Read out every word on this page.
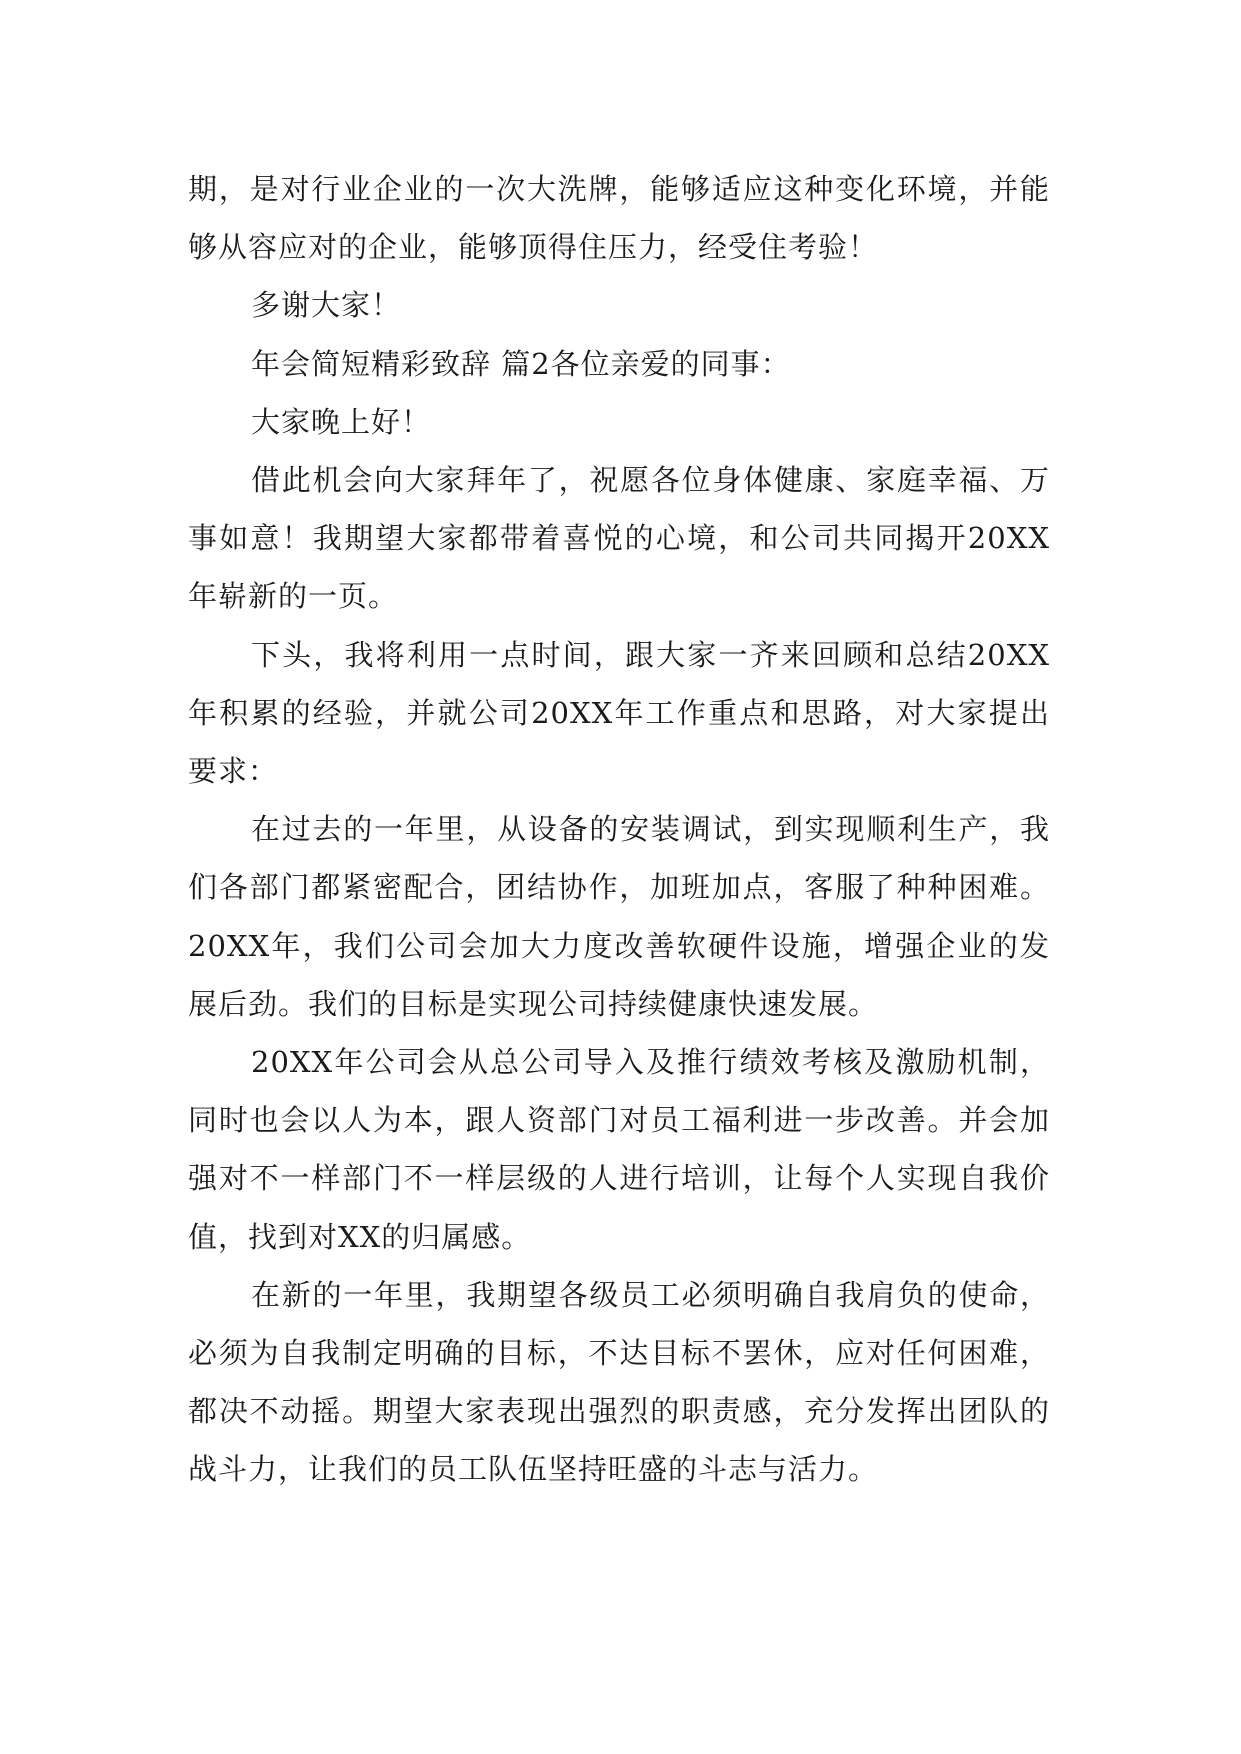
期，是对行业企业的一次大洗牌，能够适应这种变化环境，并能够从容应对的企业，能够顶得住压力，经受住考验！

多谢大家！

年会简短精彩致辞 篇2各位亲爱的同事：

大家晚上好！

借此机会向大家拜年了，祝愿各位身体健康、家庭幸福、万事如意！我期望大家都带着喜悦的心境，和公司共同揭开20XX年崭新的一页。

下头，我将利用一点时间，跟大家一齐来回顾和总结20XX年积累的经验，并就公司20XX年工作重点和思路，对大家提出要求：

在过去的一年里，从设备的安装调试，到实现顺利生产，我们各部门都紧密配合，团结协作，加班加点，客服了种种困难。20XX年，我们公司会加大力度改善软硬件设施，增强企业的发展后劲。我们的目标是实现公司持续健康快速发展。

20XX年公司会从总公司导入及推行绩效考核及激励机制，同时也会以人为本，跟人资部门对员工福利进一步改善。并会加强对不一样部门不一样层级的人进行培训，让每个人实现自我价值，找到对XX的归属感。

在新的一年里，我期望各级员工必须明确自我肩负的使命，必须为自我制定明确的目标，不达目标不罢休，应对任何困难，都决不动摇。期望大家表现出强烈的职责感，充分发挥出团队的战斗力，让我们的员工队伍坚持旺盛的斗志与活力。
